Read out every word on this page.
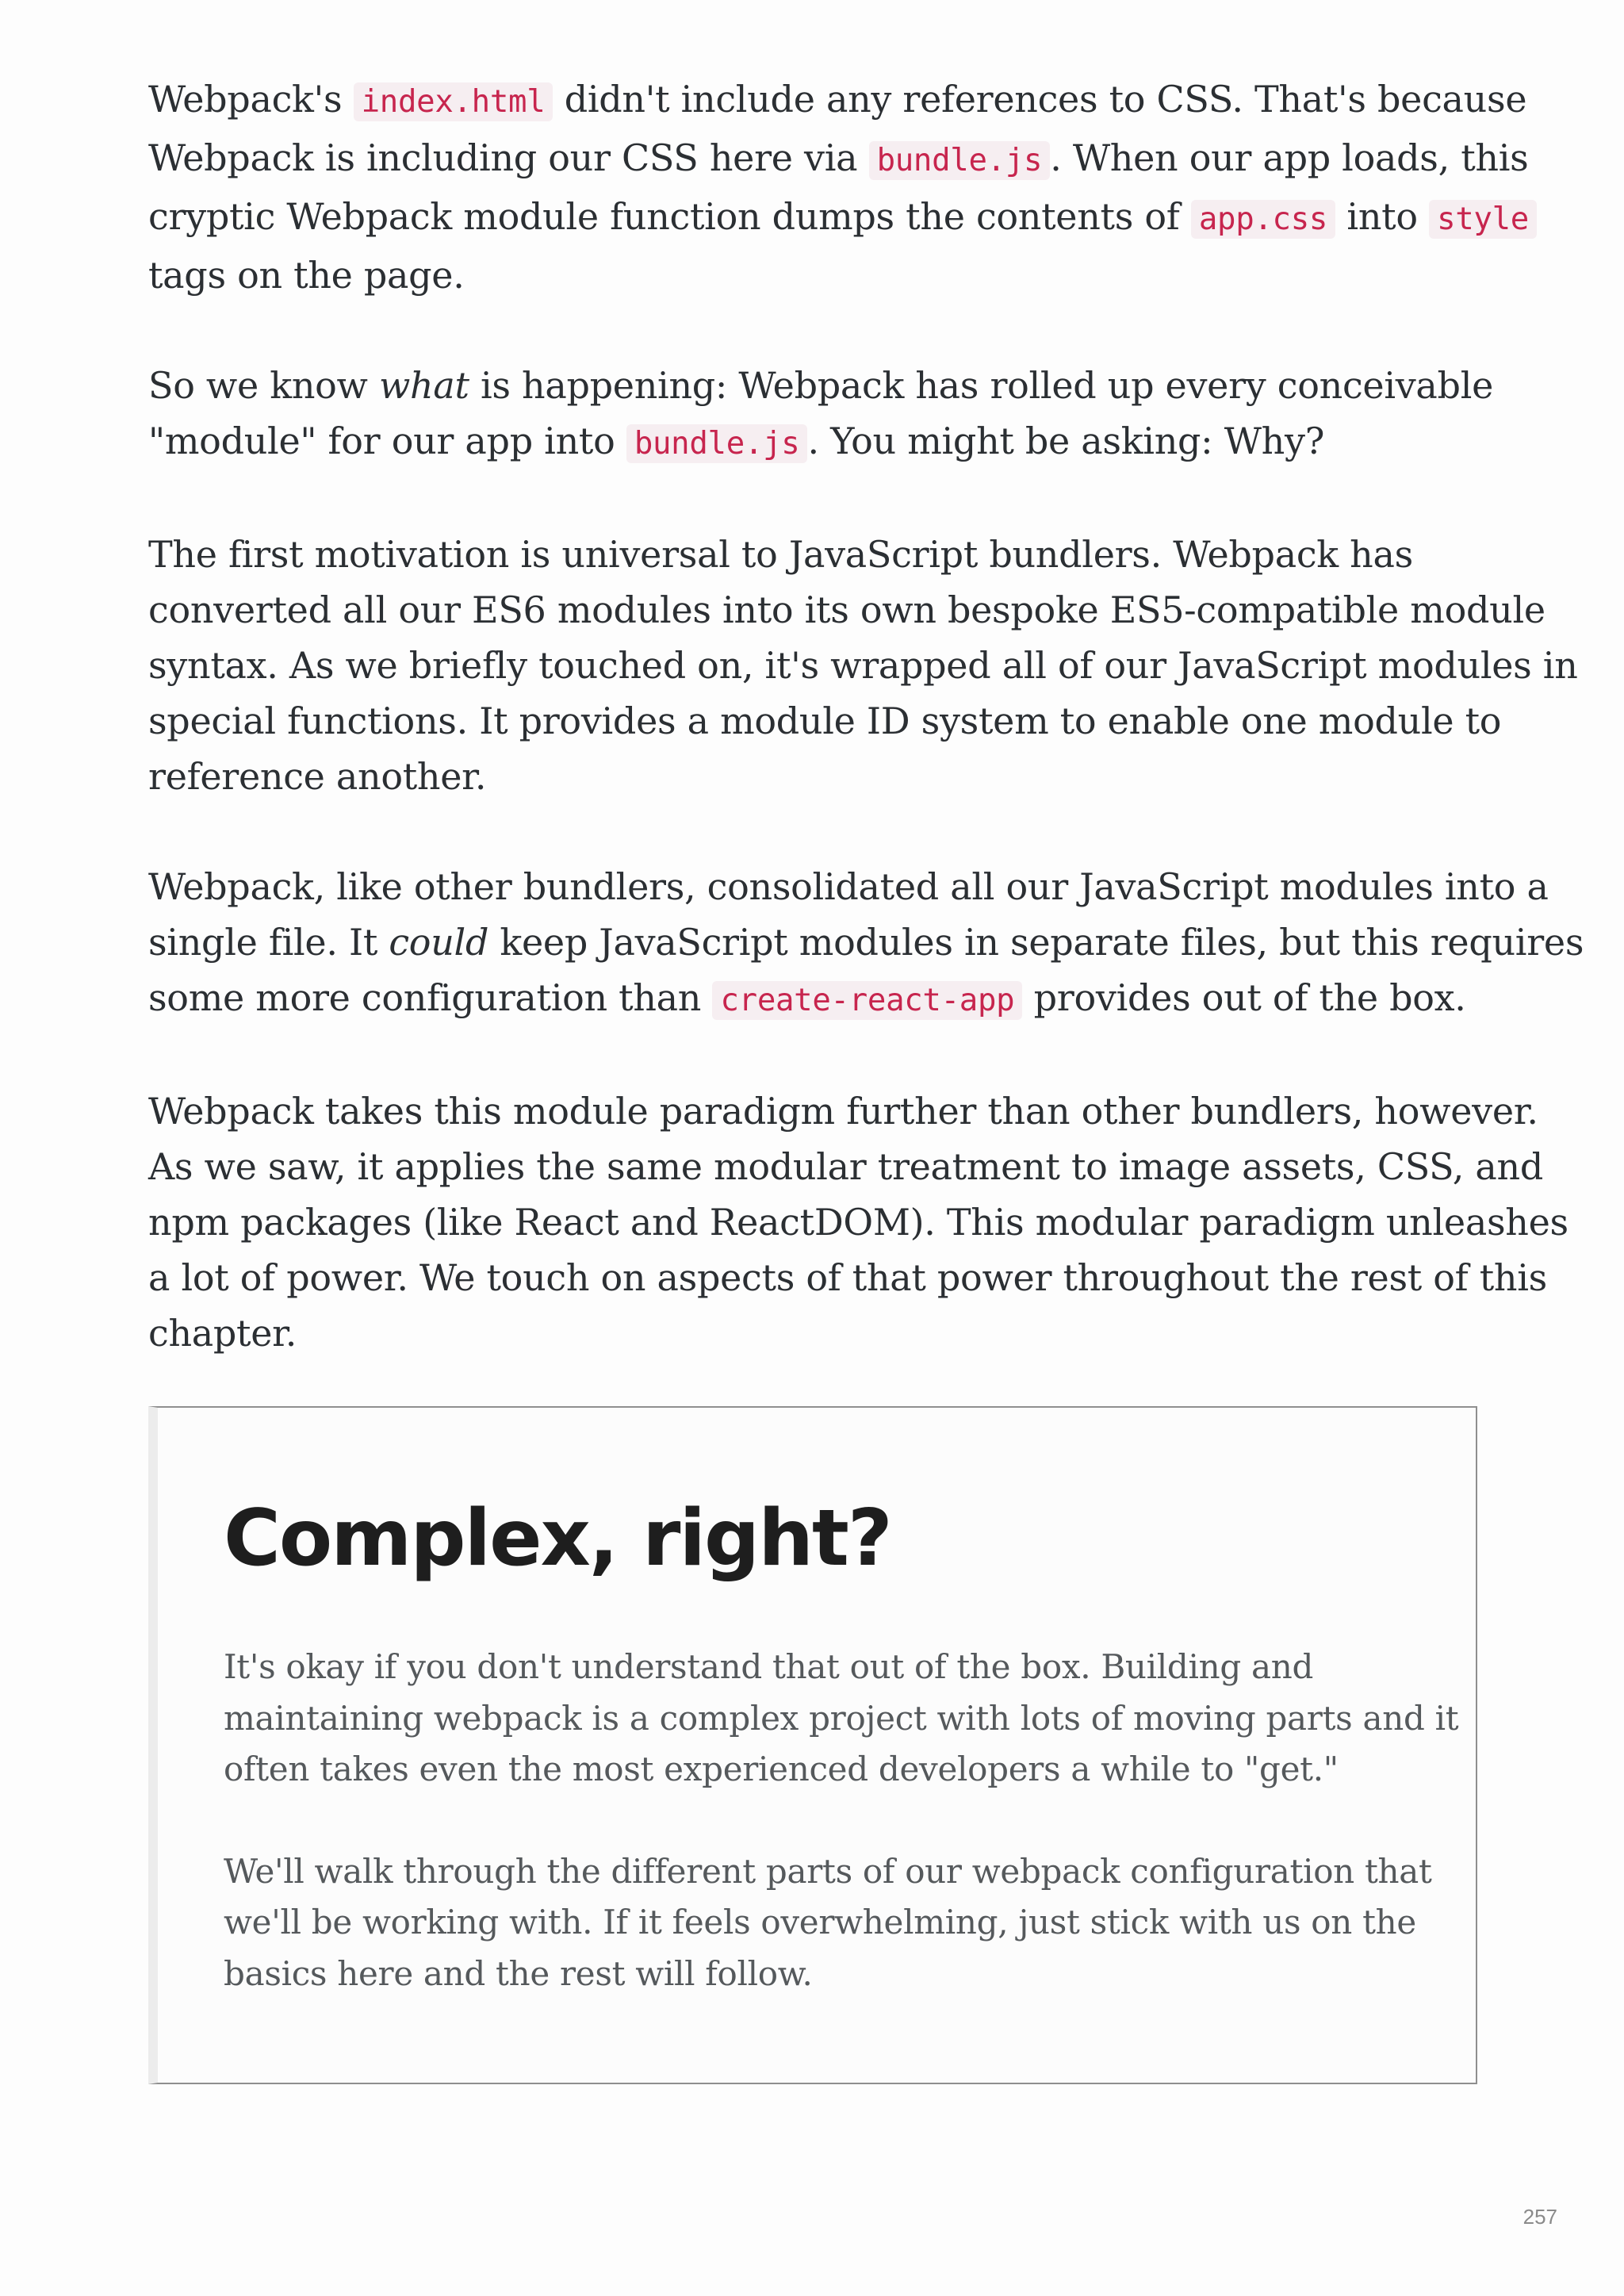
Webpack's index.html didn't include any references to CSS. That's because
Webpack is including our CSS here via bundle.js . When our app loads, this
cryptic Webpack module function dumps the contents of app.css into style
tags on the page.

So we know what is happening: Webpack has rolled up every conceivable
"module" for our app into bundle.js . You might be asking: Why?

The first motivation is universal to JavaScript bundlers. Webpack has
converted all our ES6 modules into its own bespoke ES5-compatible module
syntax. As we briefly touched on, it's wrapped all of our JavaScript modules in
special functions. It provides a module ID system to enable one module to
reference another.

Webpack, like other bundlers, consolidated all our JavaScript modules into a
single file. It could keep JavaScript modules in separate files, but this requires
some more configuration than create-react-app provides out of the box.

Webpack takes this module paradigm further than other bundlers, however.
As we saw, it applies the same modular treatment to image assets, CSS, and
npm packages (like React and ReactDOM). This modular paradigm unleashes
a lot of power. We touch on aspects of that power throughout the rest of this
chapter.

Complex, right?

It's okay if you don't understand that out of the box. Building and
maintaining webpack is a complex project with lots of moving parts and it
often takes even the most experienced developers a while to "get."

We'll walk through the different parts of our webpack configuration that
we'll be working with. If it feels overwhelming, just stick with us on the
basics here and the rest will follow.

257
